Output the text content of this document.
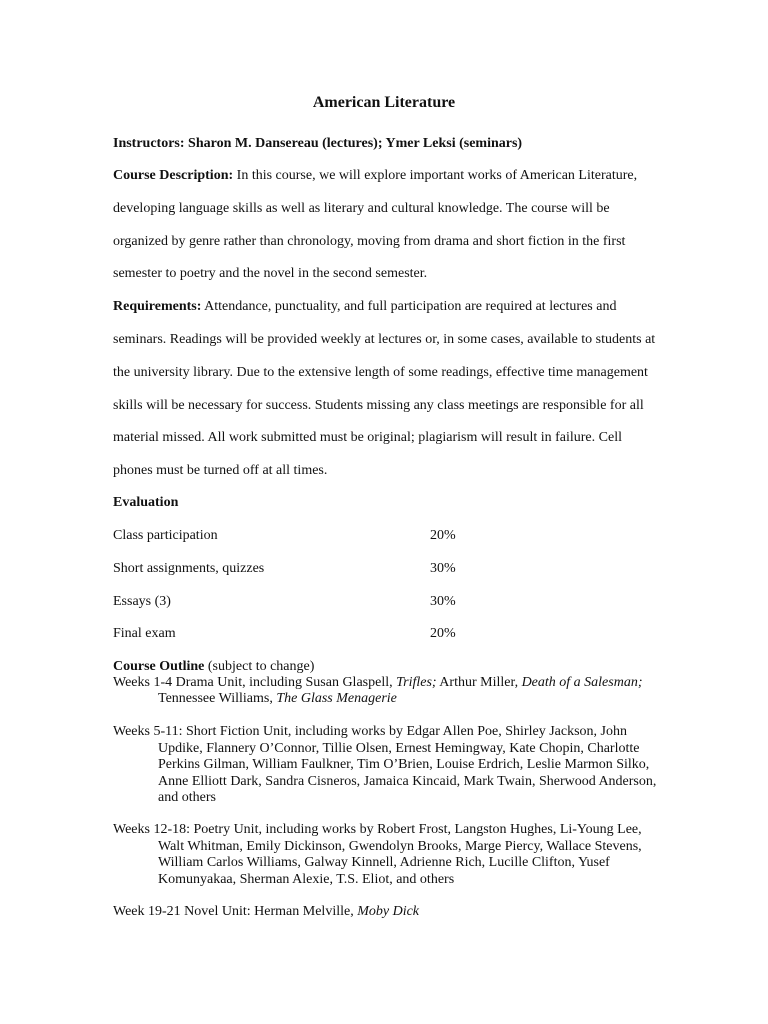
American Literature
Instructors: Sharon M. Dansereau (lectures); Ymer Leksi (seminars)
Course Description: In this course, we will explore important works of American Literature,
developing language skills as well as literary and cultural knowledge. The course will be
organized by genre rather than chronology, moving from drama and short fiction in the first
semester to poetry and the novel in the second semester.
Requirements: Attendance, punctuality, and full participation are required at lectures and
seminars. Readings will be provided weekly at lectures or, in some cases, available to students at
the university library. Due to the extensive length of some readings, effective time management
skills will be necessary for success. Students missing any class meetings are responsible for all
material missed. All work submitted must be original; plagiarism will result in failure. Cell
phones must be turned off at all times.
Evaluation
Class participation	20%
Short assignments, quizzes	30%
Essays (3)	30%
Final exam	20%
Course Outline (subject to change)
Weeks 1-4 Drama Unit, including Susan Glaspell, Trifles; Arthur Miller, Death of a Salesman;
Tennessee Williams, The Glass Menagerie
Weeks 5-11: Short Fiction Unit, including works by Edgar Allen Poe, Shirley Jackson, John
Updike, Flannery O’Connor, Tillie Olsen, Ernest Hemingway, Kate Chopin, Charlotte
Perkins Gilman, William Faulkner, Tim O’Brien, Louise Erdrich, Leslie Marmon Silko,
Anne Elliott Dark, Sandra Cisneros, Jamaica Kincaid, Mark Twain, Sherwood Anderson,
and others
Weeks 12-18: Poetry Unit, including works by Robert Frost, Langston Hughes, Li-Young Lee,
Walt Whitman, Emily Dickinson, Gwendolyn Brooks, Marge Piercy, Wallace Stevens,
William Carlos Williams, Galway Kinnell, Adrienne Rich, Lucille Clifton, Yusef
Komunyakaa, Sherman Alexie, T.S. Eliot, and others
Week 19-21 Novel Unit: Herman Melville, Moby Dick
